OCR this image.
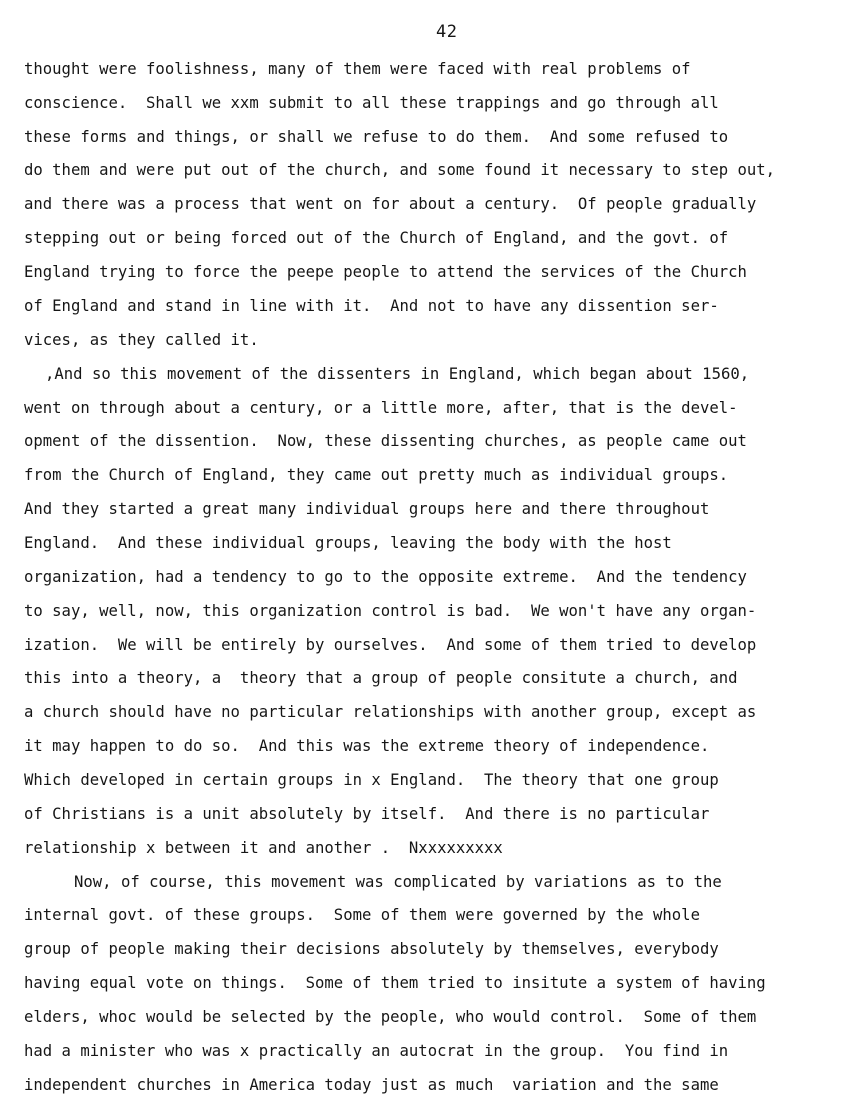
42
thought were foolishness, many of them were faced with real problems of
conscience.  Shall we xxm submit to all these trappings and go through all
these forms and things, or shall we refuse to do them.  And some refused to
do them and were put out of the church, and some found it necessary to step out,
and there was a process that went on for about a century.  Of people gradually
stepping out or being forced out of the Church of England, and the govt. of
England trying to force the peepe people to attend the services of the Church
of England and stand in line with it.  And not to have any dissention ser-
vices, as they called it.
,And so this movement of the dissenters in England, which began about 1560,
went on through about a century, or a little more, after, that is the devel-
opment of the dissention.  Now, these dissenting churches, as people came out
from the Church of England, they came out pretty much as individual groups.
And they started a great many individual groups here and there throughout
England.  And these individual groups, leaving the body with the host
organization, had a tendency to go to the opposite extreme.  And the tendency
to say, well, now, this organization control is bad.  We won't have any organ-
ization.  We will be entirely by ourselves.  And some of them tried to develop
this into a theory, a  theory that a group of people consitute a church, and
a church should have no particular relationships with another group, except as
it may happen to do so.  And this was the extreme theory of independence.
Which developed in certain groups in x England.  The theory that one group
of Christians is a unit absolutely by itself.  And there is no particular
relationship x between it and another .  Nxxxxxxxxx
Now, of course, this movement was complicated by variations as to the
internal govt. of these groups.  Some of them were governed by the whole
group of people making their decisions absolutely by themselves, everybody
having equal vote on things.  Some of them tried to insitute a system of having
elders, whoc would be selected by the people, who would control.  Some of them
had a minister who was x practically an autocrat in the group.  You find in
independent churches in America today just as much  variation and the same
